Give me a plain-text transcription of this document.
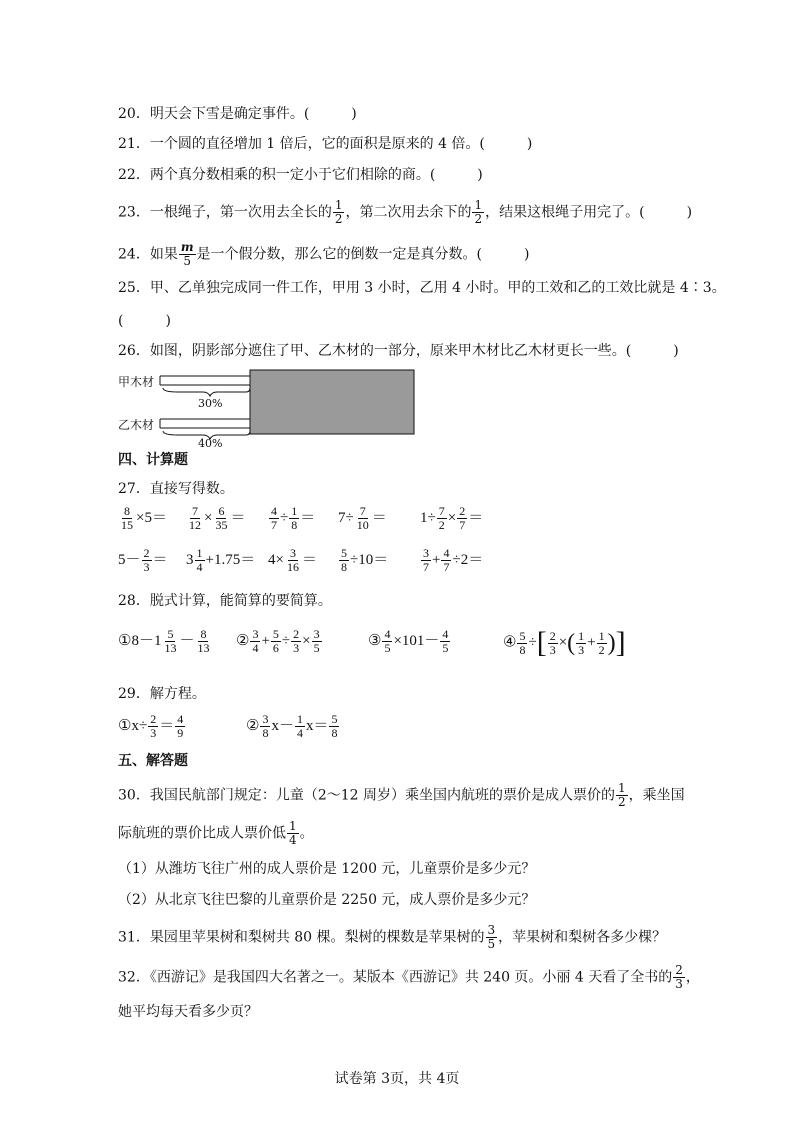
20．明天会下雪是确定事件。(　　　)
21．一个圆的直径增加 1 倍后，它的面积是原来的 4 倍。(　　　)
22．两个真分数相乘的积一定小于它们相除的商。(　　　)
23．一根绳子，第一次用去全长的 $\frac{1}{2}$ ，第二次用去余下的 $\frac{1}{2}$ ，结果这根绳子用完了。(　　　)
24．如果 $\frac{m}{5}$ 是一个假分数，那么它的倒数一定是真分数。(　　　)
25．甲、乙单独完成同一件工作，甲用 3 小时，乙用 4 小时。甲的工效和乙的工效比就是 4∶3。
(　　　)
26．如图，阴影部分遮住了甲、乙木材的一部分，原来甲木材比乙木材更长一些。(　　　)
甲木材
30%
乙木材
40%
四、计算题
27．直接写得数。
$\frac{8}{15} \times 5= \frac{7}{12} \times \frac{6}{35} = \frac{4}{7} \div \frac{1}{8} = 7\div \frac{7}{10} = 1\div \frac{7}{2} \times \frac{2}{7}$ ＝
$5- \frac{2}{3} = 3 \frac{1}{4} +1.75= 4\times \frac{3}{16} = \frac{5}{8} \div 10=$	$\frac{3}{7} + \frac{4}{7} \div 2=$
28．脱式计算，能简算的要简算。
①8－1 $\frac{5}{13} - \frac{8}{13}$ ② $\frac{3}{4} + \frac{5}{6} \div \frac{2}{3} \times \frac{3}{5}$	③ $\frac{4}{5} \times 101- \frac{4}{5}$	④ $\frac{5}{8}$ ÷[ $\frac{2}{3}$ ×( $\frac{1}{3} + \frac{1}{2}$ )]
29．解方程。
①x÷ $\frac{2}{3} = \frac{4}{9}$	② $\frac{3}{8} x- \frac{1}{4} x= \frac{5}{8}$
五、解答题
30．我国民航部门规定：儿童（2～12 周岁）乘坐国内航班的票价是成人票价的 $\frac{1}{2}$ ，乘坐国
际航班的票价比成人票价低 $\frac{1}{4}$ 。
（1）从潍坊飞往广州的成人票价是 1200 元，儿童票价是多少元？
（2）从北京飞往巴黎的儿童票价是 2250 元，成人票价是多少元？
31．果园里苹果树和梨树共 80 棵。梨树的棵数是苹果树的 $\frac{3}{5}$ ，苹果树和梨树各多少棵？
32．《西游记》是我国四大名著之一。某版本《西游记》共 240 页。小丽 4 天看了全书的 $\frac{2}{3}$ ，
她平均每天看多少页？
试卷第 3页，共 4页
